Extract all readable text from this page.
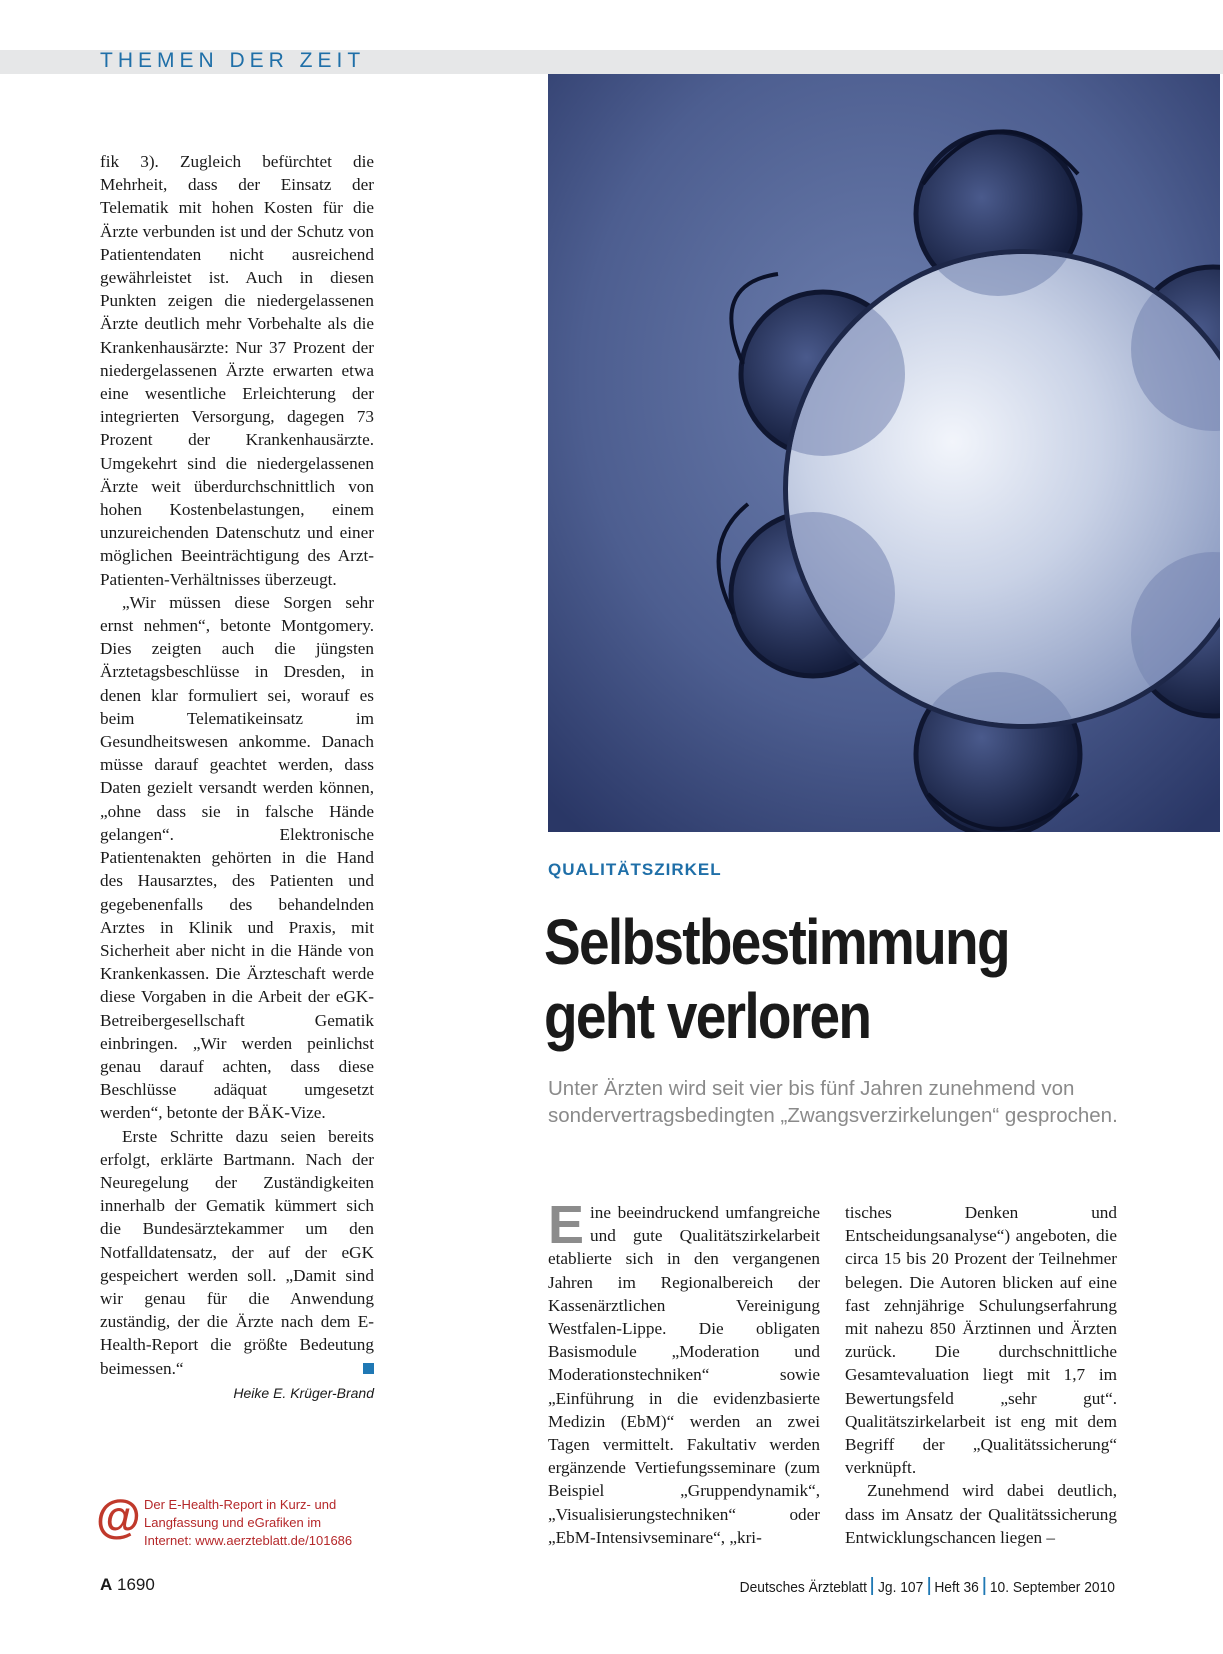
THEMEN DER ZEIT

fik 3). Zugleich befürchtet die Mehrheit, dass der Einsatz der Telematik mit hohen Kosten für die Ärzte verbunden ist und der Schutz von Patientendaten nicht ausreichend gewährleistet ist. Auch in diesen Punkten zeigen die niedergelassenen Ärzte deutlich mehr Vorbehalte als die Krankenhausärzte: Nur 37 Prozent der niedergelassenen Ärzte erwarten etwa eine wesentliche Erleichterung der integrierten Versorgung, dagegen 73 Prozent der Krankenhausärzte. Umgekehrt sind die niedergelassenen Ärzte weit überdurchschnittlich von hohen Kostenbelastungen, einem unzureichenden Datenschutz und einer möglichen Beeinträchtigung des Arzt-Patienten-Verhältnisses überzeugt.

„Wir müssen diese Sorgen sehr ernst nehmen“, betonte Montgomery. Dies zeigten auch die jüngsten Ärztetagsbeschlüsse in Dresden, in denen klar formuliert sei, worauf es beim Telematikeinsatz im Gesundheitswesen ankomme. Danach müsse darauf geachtet werden, dass Daten gezielt versandt werden können, „ohne dass sie in falsche Hände gelangen“. Elektronische Patientenakten gehörten in die Hand des Hausarztes, des Patienten und gegebenenfalls des behandelnden Arztes in Klinik und Praxis, mit Sicherheit aber nicht in die Hände von Krankenkassen. Die Ärzteschaft werde diese Vorgaben in die Arbeit der eGK-Betreibergesellschaft Gematik einbringen. „Wir werden peinlichst genau darauf achten, dass diese Beschlüsse adäquat umgesetzt werden“, betonte der BÄK-Vize.

Erste Schritte dazu seien bereits erfolgt, erklärte Bartmann. Nach der Neuregelung der Zuständigkeiten innerhalb der Gematik kümmert sich die Bundesärztekammer um den Notfalldatensatz, der auf der eGK gespeichert werden soll. „Damit sind wir genau für die Anwendung zuständig, der die Ärzte nach dem E-Health-Report die größte Bedeutung beimessen.“

Heike E. Krüger-Brand
@ Der E-Health-Report in Kurz- und
Langfassung und eGrafiken im
Internet: www.aerzteblatt.de/101686
QUALITÄTSZIRKEL
Selbstbestimmung
geht verloren
Unter Ärzten wird seit vier bis fünf Jahren zunehmend von sondervertragsbedingten „Zwangsverzirkelungen“ gesprochen.

Eine beeindruckend umfangreiche und gute Qualitätszirkelarbeit etablierte sich in den vergangenen Jahren im Regionalbereich der Kassenärztlichen Vereinigung Westfalen-Lippe. Die obligaten Basismodule „Moderation und Moderationstechniken“ sowie „Einführung in die evidenzbasierte Medizin (EbM)“ werden an zwei Tagen vermittelt. Fakultativ werden ergänzende Vertiefungsseminare (zum Beispiel „Gruppendynamik“, „Visualisierungstechniken“ oder „EbM-Intensivseminare“, „kri-

tisches Denken und Entscheidungsanalyse“) angeboten, die circa 15 bis 20 Prozent der Teilnehmer belegen. Die Autoren blicken auf eine fast zehnjährige Schulungserfahrung mit nahezu 850 Ärztinnen und Ärzten zurück. Die durchschnittliche Gesamtevaluation liegt mit 1,7 im Bewertungsfeld „sehr gut“. Qualitätszirkelarbeit ist eng mit dem Begriff der „Qualitätssicherung“ verknüpft.

Zunehmend wird dabei deutlich, dass im Ansatz der Qualitätssicherung Entwicklungschancen liegen –

A 1690	Deutsches Ärzteblatt Jg. 107 Heft 36 10. September 2010
